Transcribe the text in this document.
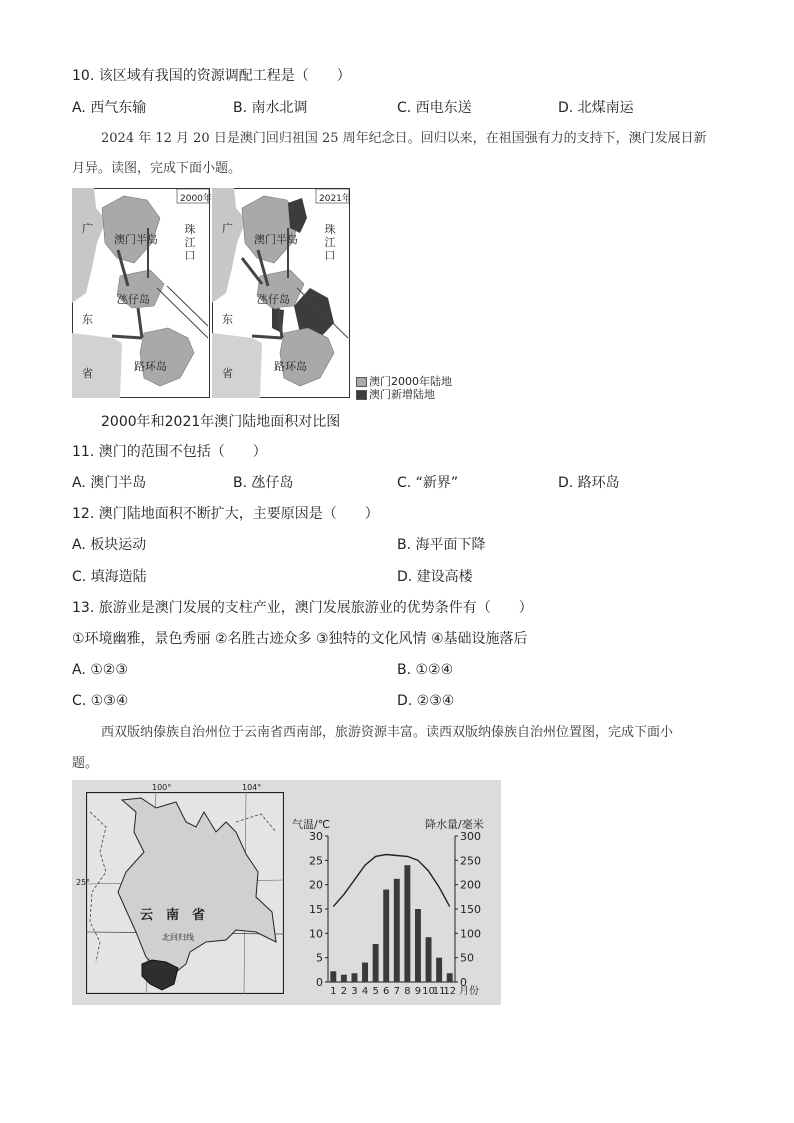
10. 该区域有我国的资源调配工程是（　　）
A. 西气东输	B. 南水北调	C. 西电东送	D. 北煤南运
2024 年 12 月 20 日是澳门回归祖国 25 周年纪念日。回归以来，在祖国强有力的支持下，澳门发展日新
月异。读图，完成下面小题。
2000年
广
澳门半岛
珠江口
氹仔岛
东
省
路环岛
2021年
广
澳门半岛
珠江口
氹仔岛
东
省
路环岛
澳门2000年陆地
澳门新增陆地
2000年和2021年澳门陆地面积对比图
11. 澳门的范围不包括（　　）
A. 澳门半岛	B. 氹仔岛	C. “新界”	D. 路环岛
12. 澳门陆地面积不断扩大，主要原因是（　　）
A. 板块运动	B. 海平面下降
C. 填海造陆	D. 建设高楼
13. 旅游业是澳门发展的支柱产业，澳门发展旅游业的优势条件有（　　）
①环境幽雅，景色秀丽 ②名胜古迹众多 ③独特的文化风情 ④基础设施落后
A. ①②③	B. ①②④
C. ①③④	D. ②③④
西双版纳傣族自治州位于云南省西南部，旅游资源丰富。读西双版纳傣族自治州位置图，完成下面小
题。
100°	104°
25°
云　南　省
北回归线
气温/℃	降水量/毫米
0
5
10
15
20
25
30
0
50
100
150
200
250
300
1 2 3 4 5 6 7 8 9 10
11
12 月份
